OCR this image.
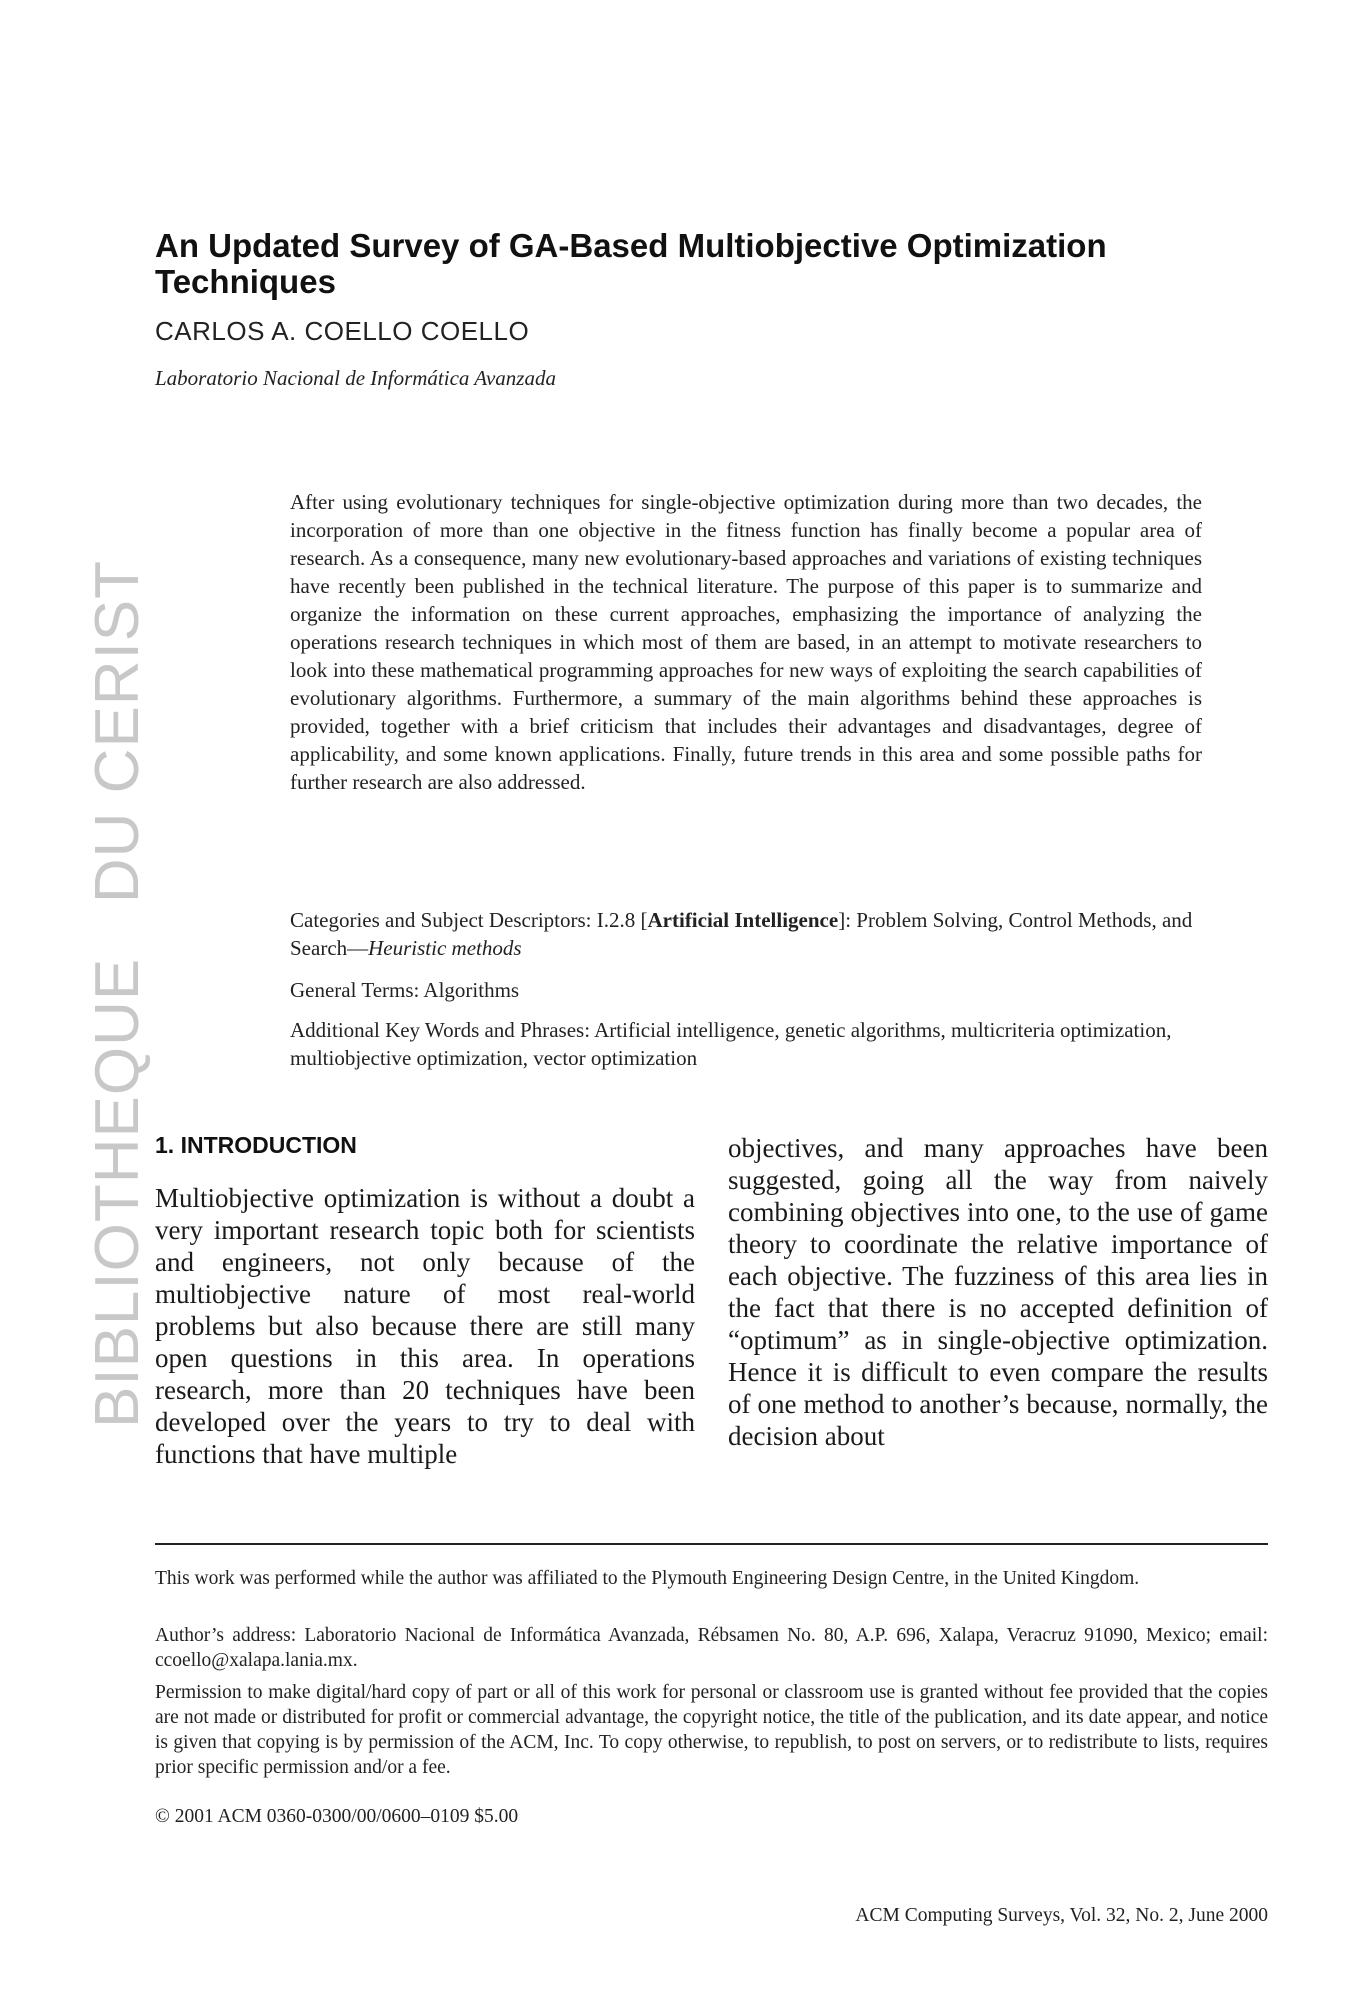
BIBLIOTHEQUE   DU CERIST
An Updated Survey of GA-Based Multiobjective Optimization Techniques
CARLOS A. COELLO COELLO
Laboratorio Nacional de Informática Avanzada

After using evolutionary techniques for single-objective optimization during more than two decades, the incorporation of more than one objective in the fitness function has finally become a popular area of research. As a consequence, many new evolutionary-based approaches and variations of existing techniques have recently been published in the technical literature. The purpose of this paper is to summarize and organize the information on these current approaches, emphasizing the importance of analyzing the operations research techniques in which most of them are based, in an attempt to motivate researchers to look into these mathematical programming approaches for new ways of exploiting the search capabilities of evolutionary algorithms. Furthermore, a summary of the main algorithms behind these approaches is provided, together with a brief criticism that includes their advantages and disadvantages, degree of applicability, and some known applications. Finally, future trends in this area and some possible paths for further research are also addressed.

Categories and Subject Descriptors: I.2.8 [Artificial Intelligence]: Problem Solving, Control Methods, and Search—Heuristic methods

General Terms: Algorithms

Additional Key Words and Phrases: Artificial intelligence, genetic algorithms, multicriteria optimization, multiobjective optimization, vector optimization

1. INTRODUCTION

Multiobjective optimization is without a doubt a very important research topic both for scientists and engineers, not only because of the multiobjective nature of most real-world problems but also because there are still many open questions in this area. In operations research, more than 20 techniques have been developed over the years to try to deal with functions that have multiple

objectives, and many approaches have been suggested, going all the way from naively combining objectives into one, to the use of game theory to coordinate the relative importance of each objective. The fuzziness of this area lies in the fact that there is no accepted definition of “optimum” as in single-objective optimization. Hence it is difficult to even compare the results of one method to another’s because, normally, the decision about

This work was performed while the author was affiliated to the Plymouth Engineering Design Centre, in the United Kingdom.

Author’s address: Laboratorio Nacional de Informática Avanzada, Rébsamen No. 80, A.P. 696, Xalapa, Veracruz 91090, Mexico; email: ccoello@xalapa.lania.mx.

Permission to make digital/hard copy of part or all of this work for personal or classroom use is granted without fee provided that the copies are not made or distributed for profit or commercial advantage, the copyright notice, the title of the publication, and its date appear, and notice is given that copying is by permission of the ACM, Inc. To copy otherwise, to republish, to post on servers, or to redistribute to lists, requires prior specific permission and/or a fee.

© 2001 ACM 0360-0300/00/0600–0109 $5.00

ACM Computing Surveys, Vol. 32, No. 2, June 2000
